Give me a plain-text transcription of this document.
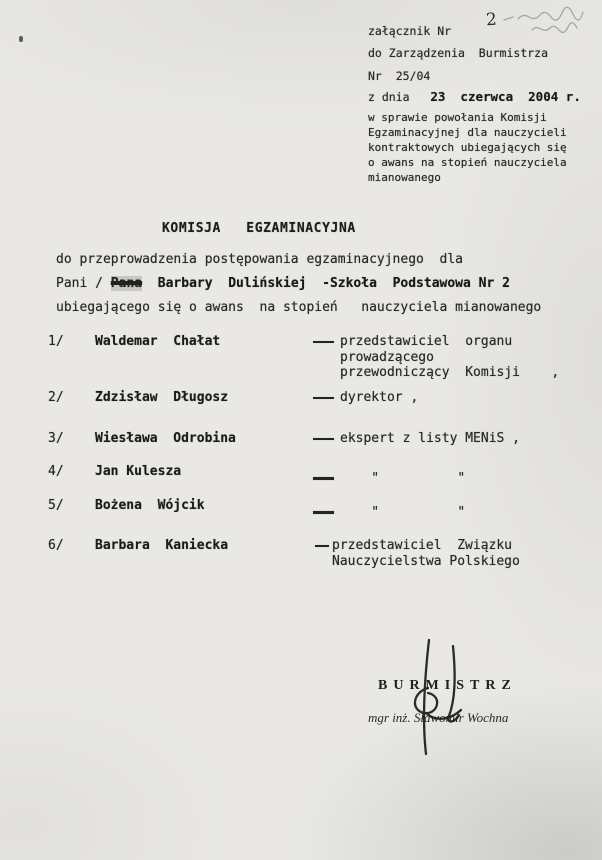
2
załącznik Nr
do Zarządzenia  Burmistrza
Nr  25/04
z dnia 23  czerwca  2004 r.
w sprawie powołania Komisji
Egzaminacyjnej dla nauczycieli
kontraktowych ubiegających się
o awans na stopień nauczyciela
mianowanego
KOMISJA   EGZAMINACYJNA
do przeprowadzenia postępowania egzaminacyjnego  dla
Pani / Pana  Barbary  Dulińskiej  -Szkoła  Podstawowa Nr 2
ubiegającego się o awans  na stopień   nauczyciela mianowanego
1/ Waldemar  Chałat	przedstawiciel  organu
prowadzącego
przewodniczący  Komisji    ,
2/ Zdzisław  Długosz	dyrektor ,
3/ Wiesława  Odrobina	ekspert z listy MENiS ,
4/ Jan Kulesza	"          "
5/ Bożena  Wójcik	"          "
6/ Barbara  Kaniecka	przedstawiciel  Związku
Nauczycielstwa Polskiego
BURMISTRZ
mgr inż. Sławomir Wochna
